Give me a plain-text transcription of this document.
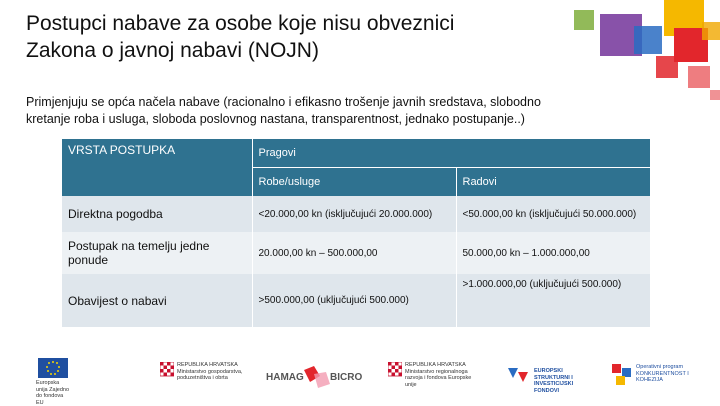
Postupci nabave za osobe koje nisu obveznici
Zakona o javnoj nabavi (NOJN)
Primjenjuju se opća načela nabave (racionalno i efikasno trošenje javnih sredstava, slobodno
kretanje roba i usluga, sloboda poslovnog nastana, transparentnost, jednako postupanje..)
VRSTA POSTUPKA	Pragovi	
	Robe/usluge	Radovi
Direktna pogodba	<20.000,00 kn (isključujući 20.000.000)	<50.000,00 kn (isključujući 50.000.000)
Postupak na temelju jedne ponude	20.000,00 kn – 500.000,00	50.000,00 kn – 1.000.000,00
Obavijest o nabavi	>500.000,00 (uključujući 500.000)	>1.000.000,00 (uključujući 500.000)
Europska unija Zajedno do fondova EU
REPUBLIKA HRVATSKA Ministarstvo gospodarstva, poduzetništva i obrta	HAMAG	BICRO
REPUBLIKA HRVATSKA Ministarstvo regionalnoga razvoja i fondova Europske unije
EUROPSKI STRUKTURNI I INVESTICIJSKI FONDOVI
Operativni program KONKURENTNOST I KOHEZIJA
